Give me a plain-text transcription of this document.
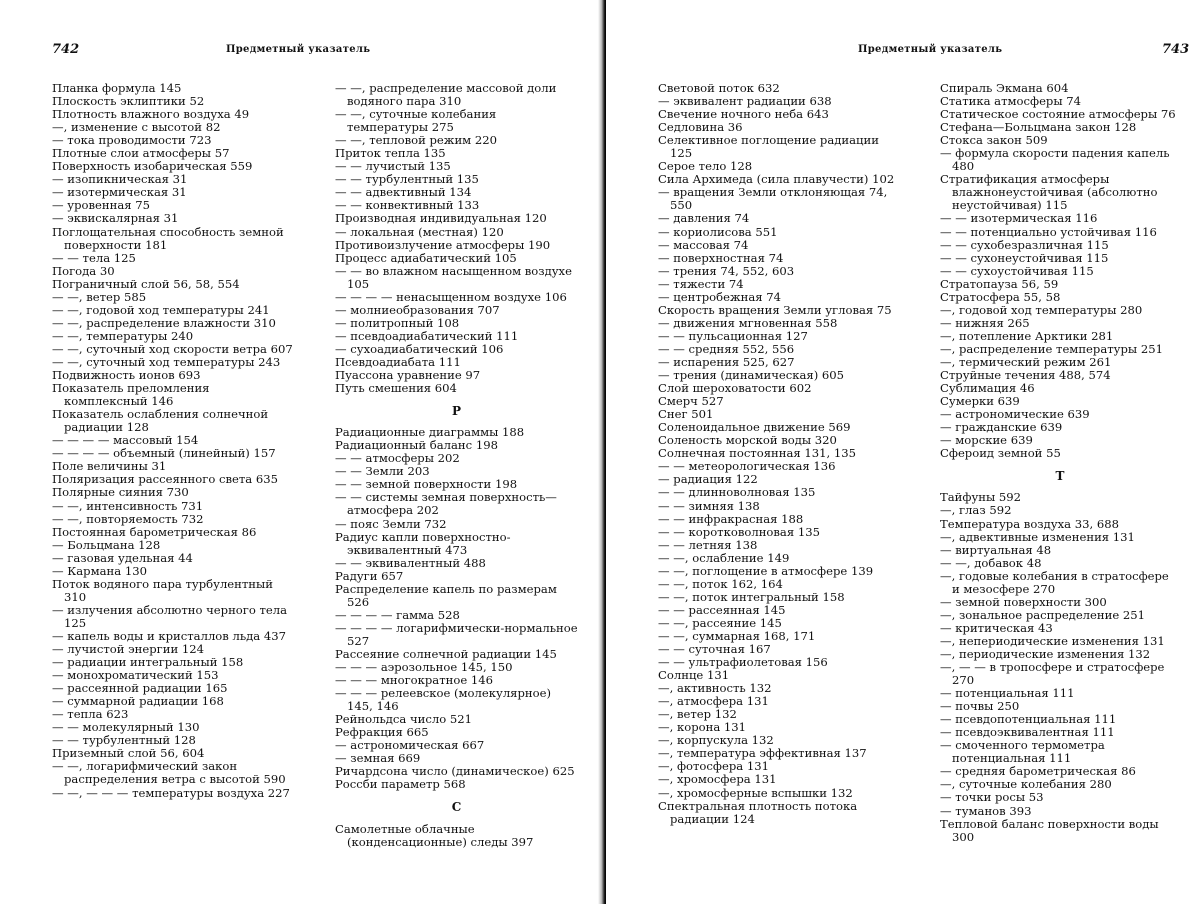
742	Предметный указатель
Планка формула 145
Плоскость эклиптики 52
Плотность влажного воздуха 49
—, изменение с высотой 82
— тока проводимости 723
Плотные слои атмосферы 57
Поверхность изобарическая 559
— изопикническая 31
— изотермическая 31
— уровенная 75
— эквискалярная 31
Поглощательная способность земной поверхности 181
— — тела 125
Погода 30
Пограничный слой 56, 58, 554
— —, ветер 585
— —, годовой ход температуры 241
— —, распределение влажности 310
— —, температуры 240
— —, суточный ход скорости ветра 607
— —, суточный ход температуры 243
Подвижность ионов 693
Показатель преломления комплексный 146
Показатель ослабления солнечной радиации 128
— — — — массовый 154
— — — — объемный (линейный) 157
Поле величины 31
Поляризация рассеянного света 635
Полярные сияния 730
— —, интенсивность 731
— —, повторяемость 732
Постоянная барометрическая 86
— Больцмана 128
— газовая удельная 44
— Кармана 130
Поток водяного пара турбулентный 310
— излучения абсолютно черного тела 125
— капель воды и кристаллов льда 437
— лучистой энергии 124
— радиации интегральный 158
— монохроматический 153
— рассеянной радиации 165
— суммарной радиации 168
— тепла 623
— — молекулярный 130
— — турбулентный 128
Приземный слой 56, 604
— —, логарифмический закон распределения ветра с высотой 590
— —, — — — температуры воздуха 227
— —, распределение массовой доли водяного пара 310
— —, суточные колебания температуры 275
— —, тепловой режим 220
Приток тепла 135
— — лучистый 135
— — турбулентный 135
— — адвективный 134
— — конвективный 133
Производная индивидуальная 120
— локальная (местная) 120
Противоизлучение атмосферы 190
Процесс адиабатический 105
— — во влажном насыщенном воздухе 105
— — — — ненасыщенном воздухе 106
— молниеобразования 707
— политропный 108
— псевдоадиабатический 111
— сухоадиабатический 106
Псевдоадиабата 111
Пуассона уравнение 97
Путь смешения 604
Р
Радиационные диаграммы 188
Радиационный баланс 198
— — атмосферы 202
— — Земли 203
— — земной поверхности 198
— — системы земная поверхность—атмосфера 202
— пояс Земли 732
Радиус капли поверхностно-эквивалентный 473
— — эквивалентный 488
Радуги 657
Распределение капель по размерам 526
— — — — гамма 528
— — — — логарифмически-нормальное 527
Рассеяние солнечной радиации 145
— — — аэрозольное 145, 150
— — — многократное 146
— — — релеевское (молекулярное) 145, 146
Рейнольдса число 521
Рефракция 665
— астрономическая 667
— земная 669
Ричардсона число (динамическое) 625
Россби параметр 568
С
Самолетные облачные (конденсационные) следы 397
Предметный указатель	743
Световой поток 632
— эквивалент радиации 638
Свечение ночного неба 643
Седловина 36
Селективное поглощение радиации 125
Серое тело 128
Сила Архимеда (сила плавучести) 102
— вращения Земли отклоняющая 74, 550
— давления 74
— кориолисова 551
— массовая 74
— поверхностная 74
— трения 74, 552, 603
— тяжести 74
— центробежная 74
Скорость вращения Земли угловая 75
— движения мгновенная 558
— — пульсационная 127
— — средняя 552, 556
— испарения 525, 627
— трения (динамическая) 605
Слой шероховатости 602
Смерч 527
Снег 501
Соленоидальное движение 569
Соленость морской воды 320
Солнечная постоянная 131, 135
— — метеорологическая 136
— радиация 122
— — длинноволновая 135
— — зимняя 138
— — инфракрасная 188
— — коротковолновая 135
— — летняя 138
— —, ослабление 149
— —, поглощение в атмосфере 139
— —, поток 162, 164
— —, поток интегральный 158
— — рассеянная 145
— —, рассеяние 145
— —, суммарная 168, 171
— — суточная 167
— — ультрафиолетовая 156
Солнце 131
—, активность 132
—, атмосфера 131
—, ветер 132
—, корона 131
—, корпускула 132
—, температура эффективная 137
—, фотосфера 131
—, хромосфера 131
—, хромосферные вспышки 132
Спектральная плотность потока радиации 124
Спираль Экмана 604
Статика атмосферы 74
Статическое состояние атмосферы 76
Стефана—Больцмана закон 128
Стокса закон 509
— формула скорости падения капель 480
Стратификация атмосферы влажнонеустойчивая (абсолютно неустойчивая) 115
— — изотермическая 116
— — потенциально устойчивая 116
— — сухобезразличная 115
— — сухонеустойчивая 115
— — сухоустойчивая 115
Стратопауза 56, 59
Стратосфера 55, 58
—, годовой ход температуры 280
— нижняя 265
—, потепление Арктики 281
—, распределение температуры 251
—, термический режим 261
Струйные течения 488, 574
Сублимация 46
Сумерки 639
— астрономические 639
— гражданские 639
— морские 639
Сфероид земной 55
Т
Тайфуны 592
—, глаз 592
Температура воздуха 33, 688
—, адвективные изменения 131
— виртуальная 48
— —, добавок 48
—, годовые колебания в стратосфере и мезосфере 270
— земной поверхности 300
—, зональное распределение 251
— критическая 43
—, непериодические изменения 131
—, периодические изменения 132
—, — — в тропосфере и стратосфере 270
— потенциальная 111
— почвы 250
— псевдопотенциальная 111
— псевдоэквивалентная 111
— смоченного термометра потенциальная 111
— средняя барометрическая 86
—, суточные колебания 280
— точки росы 53
— туманов 393
Тепловой баланс поверхности воды 300
